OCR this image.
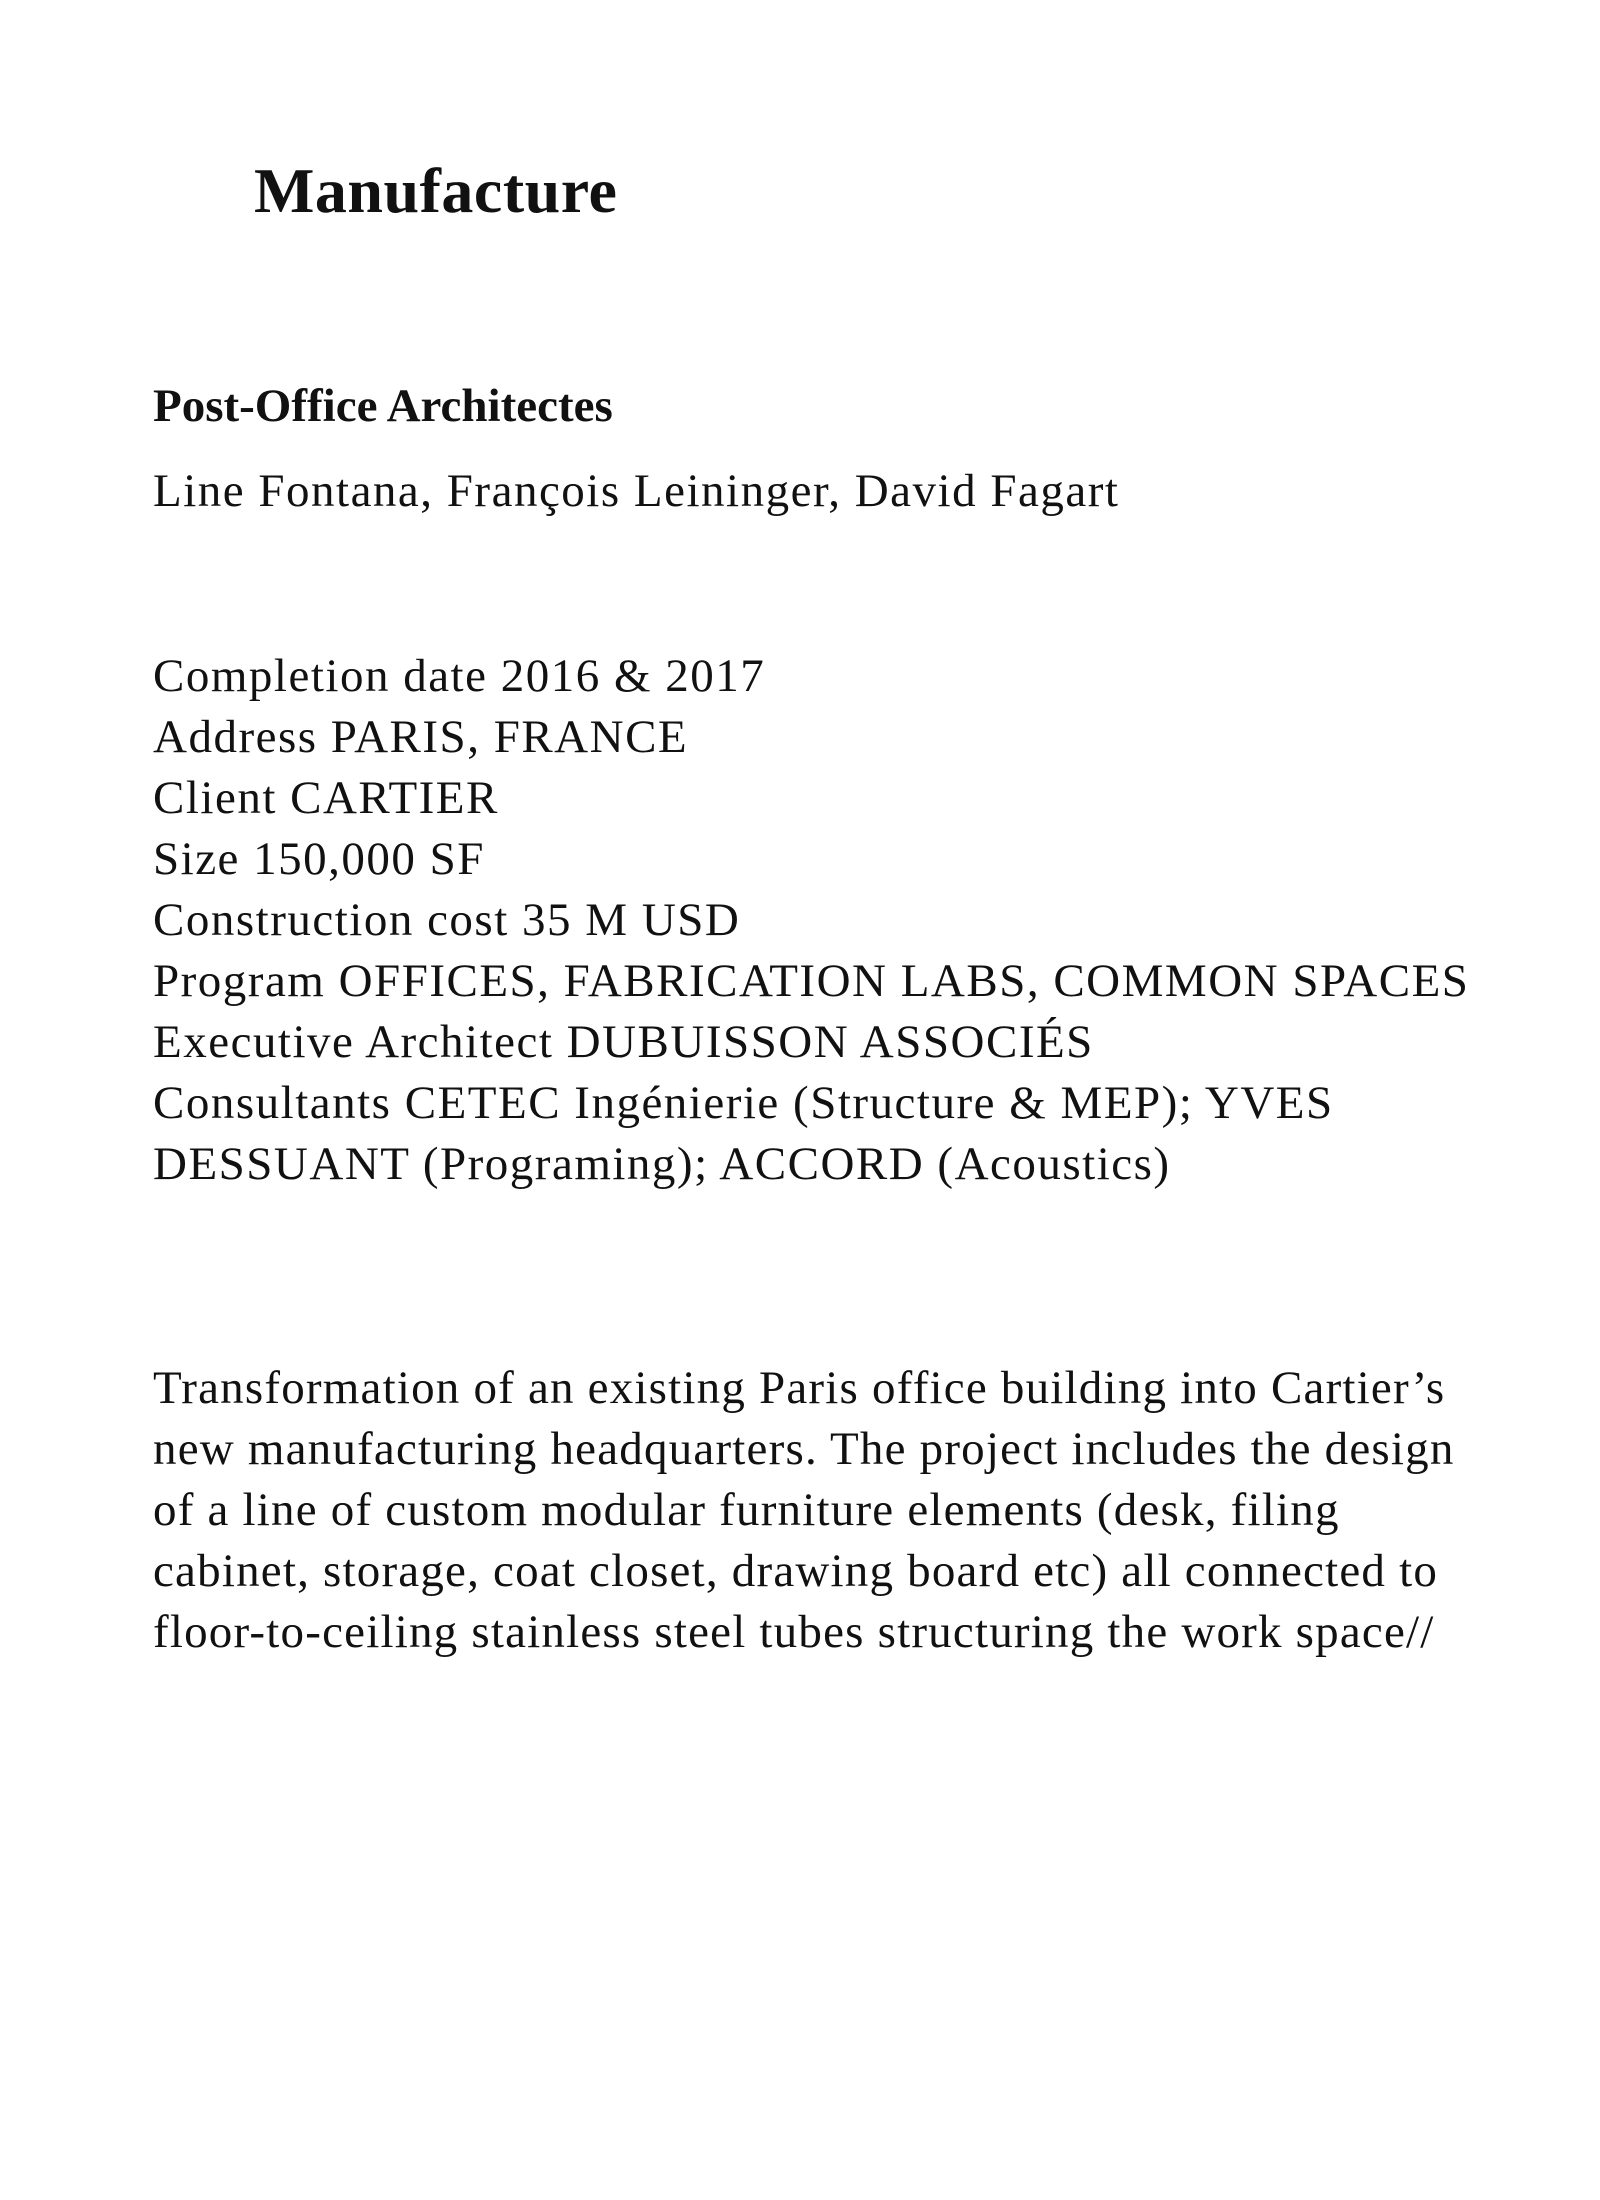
Manufacture

Post-Office Architectes

Line Fontana, François Leininger, David Fagart

Completion date 2016 & 2017
Address PARIS, FRANCE
Client CARTIER
Size 150,000 SF
Construction cost 35 M USD
Program OFFICES, FABRICATION LABS, COMMON SPACES
Executive Architect DUBUISSON ASSOCIÉS
Consultants CETEC Ingénierie (Structure & MEP); YVES DESSUANT (Programing); ACCORD (Acoustics)

Transformation of an existing Paris office building into Cartier’s new manufacturing headquarters. The project includes the design of a line of custom modular furniture elements (desk, filing cabinet, storage, coat closet, drawing board etc) all connected to floor-to-ceiling stainless steel tubes structuring the work space//
